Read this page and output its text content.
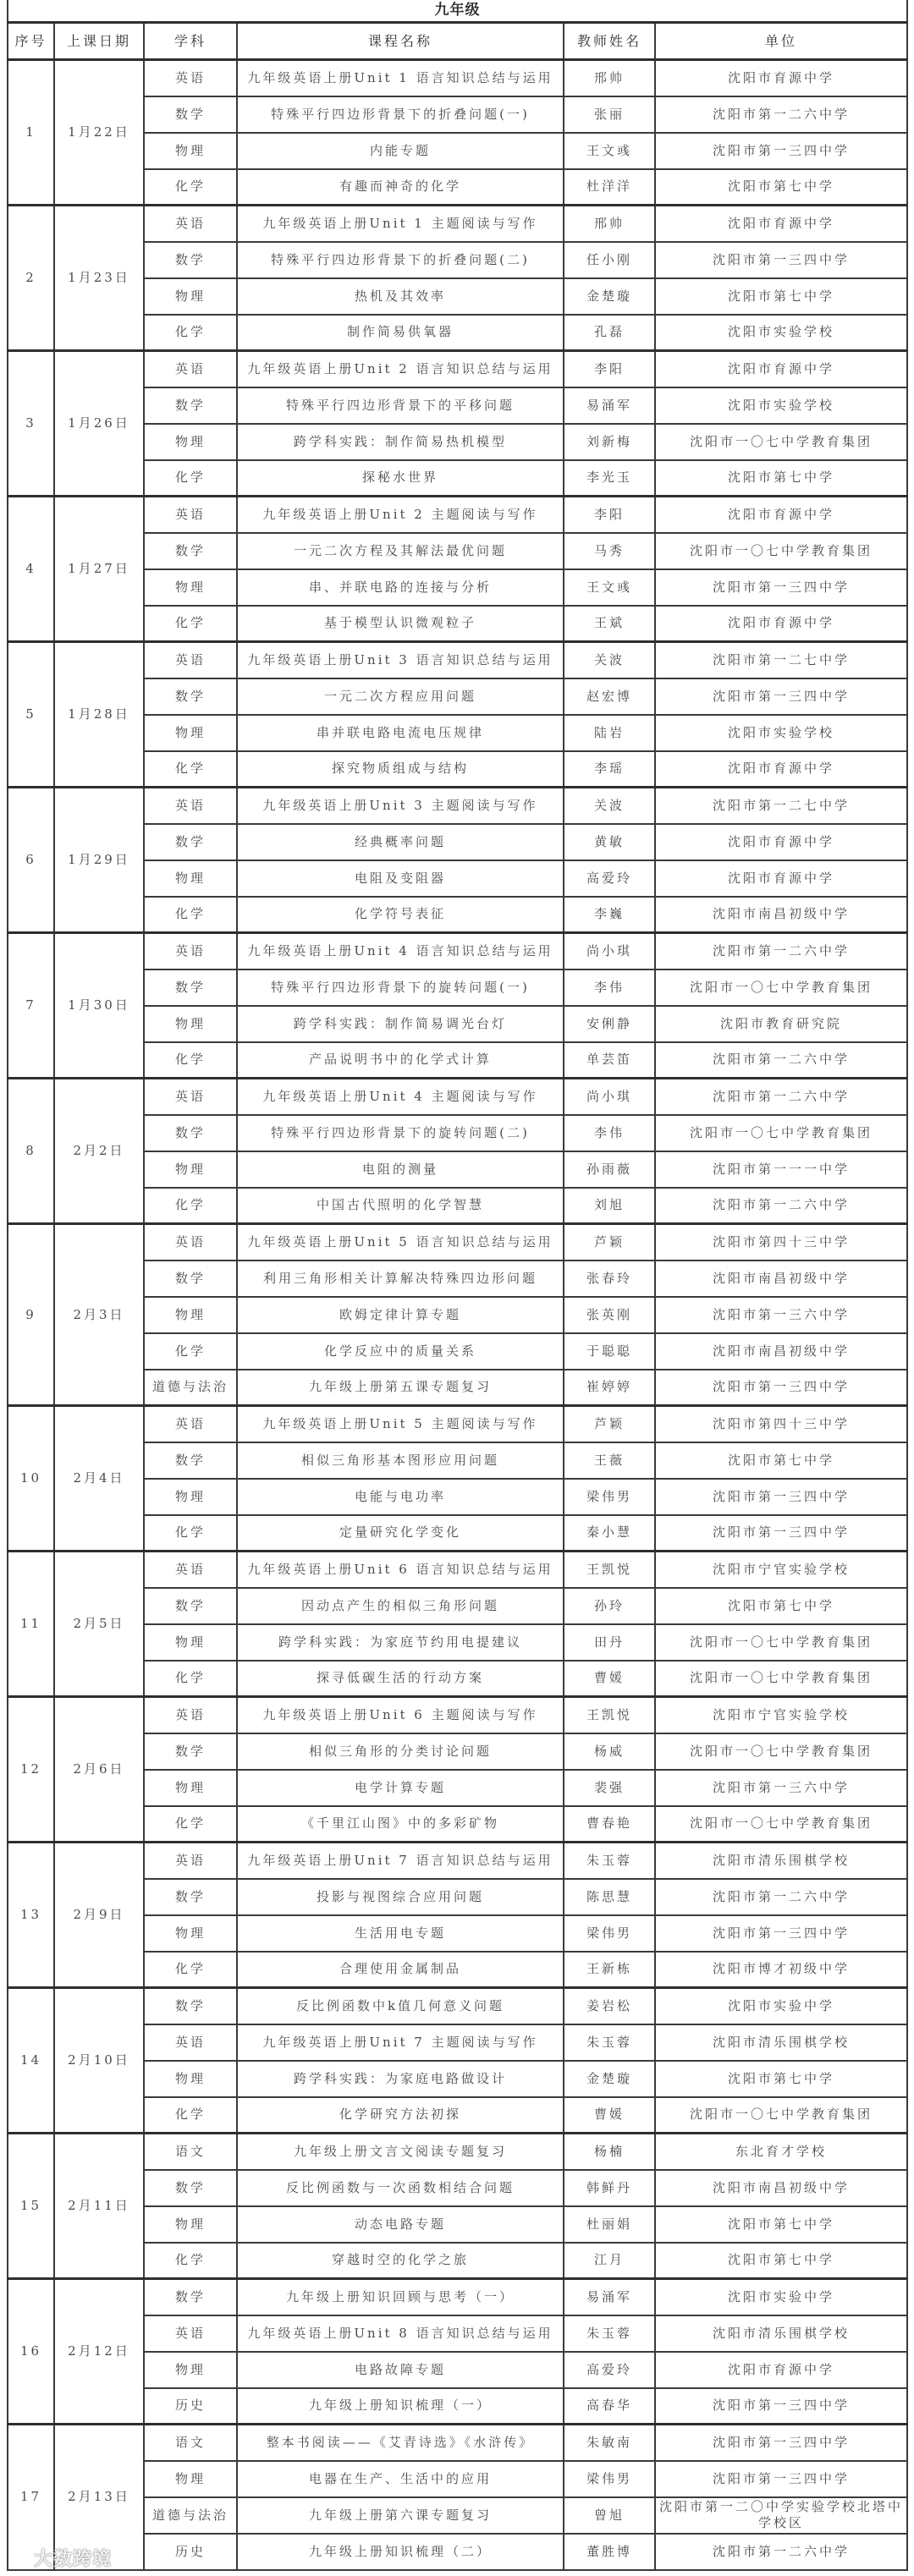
九年级					
序号	上课日期	学科	课程名称	教师姓名	单位
1	1月22日	英语	九年级英语上册Unit 1 语言知识总结与运用	邢帅	沈阳市育源中学
		数学	特殊平行四边形背景下的折叠问题(一)	张丽	沈阳市第一二六中学
		物理	内能专题	王文彧	沈阳市第一三四中学
		化学	有趣而神奇的化学	杜洋洋	沈阳市第七中学
2	1月23日	英语	九年级英语上册Unit 1 主题阅读与写作	邢帅	沈阳市育源中学
		数学	特殊平行四边形背景下的折叠问题(二)	任小刚	沈阳市第一三四中学
		物理	热机及其效率	金楚璇	沈阳市第七中学
		化学	制作简易供氧器	孔磊	沈阳市实验学校
3	1月26日	英语	九年级英语上册Unit 2 语言知识总结与运用	李阳	沈阳市育源中学
		数学	特殊平行四边形背景下的平移问题	易涌军	沈阳市实验学校
		物理	跨学科实践：制作简易热机模型	刘新梅	沈阳市一〇七中学教育集团
		化学	探秘水世界	李光玉	沈阳市第七中学
4	1月27日	英语	九年级英语上册Unit 2 主题阅读与写作	李阳	沈阳市育源中学
		数学	一元二次方程及其解法最优问题	马秀	沈阳市一〇七中学教育集团
		物理	串、并联电路的连接与分析	王文彧	沈阳市第一三四中学
		化学	基于模型认识微观粒子	王斌	沈阳市育源中学
5	1月28日	英语	九年级英语上册Unit 3 语言知识总结与运用	关波	沈阳市第一二七中学
		数学	一元二次方程应用问题	赵宏博	沈阳市第一三四中学
		物理	串并联电路电流电压规律	陆岩	沈阳市实验学校
		化学	探究物质组成与结构	李瑶	沈阳市育源中学
6	1月29日	英语	九年级英语上册Unit 3 主题阅读与写作	关波	沈阳市第一二七中学
		数学	经典概率问题	黄敏	沈阳市育源中学
		物理	电阻及变阻器	高爱玲	沈阳市育源中学
		化学	化学符号表征	李巍	沈阳市南昌初级中学
7	1月30日	英语	九年级英语上册Unit 4 语言知识总结与运用	尚小琪	沈阳市第一二六中学
		数学	特殊平行四边形背景下的旋转问题(一)	李伟	沈阳市一〇七中学教育集团
		物理	跨学科实践：制作简易调光台灯	安俐静	沈阳市教育研究院
		化学	产品说明书中的化学式计算	单芸笛	沈阳市第一二六中学
8	2月2日	英语	九年级英语上册Unit 4 主题阅读与写作	尚小琪	沈阳市第一二六中学
		数学	特殊平行四边形背景下的旋转问题(二)	李伟	沈阳市一〇七中学教育集团
		物理	电阻的测量	孙雨薇	沈阳市第一一一中学
		化学	中国古代照明的化学智慧	刘旭	沈阳市第一二六中学
9	2月3日	英语	九年级英语上册Unit 5 语言知识总结与运用	芦颖	沈阳市第四十三中学
		数学	利用三角形相关计算解决特殊四边形问题	张春玲	沈阳市南昌初级中学
		物理	欧姆定律计算专题	张英刚	沈阳市第一三六中学
		化学	化学反应中的质量关系	于聪聪	沈阳市南昌初级中学
		道德与法治	九年级上册第五课专题复习	崔婷婷	沈阳市第一三四中学
10	2月4日	英语	九年级英语上册Unit 5 主题阅读与写作	芦颖	沈阳市第四十三中学
		数学	相似三角形基本图形应用问题	王薇	沈阳市第七中学
		物理	电能与电功率	梁伟男	沈阳市第一三四中学
		化学	定量研究化学变化	秦小慧	沈阳市第一三四中学
11	2月5日	英语	九年级英语上册Unit 6 语言知识总结与运用	王凯悦	沈阳市宁官实验学校
		数学	因动点产生的相似三角形问题	孙玲	沈阳市第七中学
		物理	跨学科实践：为家庭节约用电提建议	田丹	沈阳市一〇七中学教育集团
		化学	探寻低碳生活的行动方案	曹媛	沈阳市一〇七中学教育集团
12	2月6日	英语	九年级英语上册Unit 6 主题阅读与写作	王凯悦	沈阳市宁官实验学校
		数学	相似三角形的分类讨论问题	杨威	沈阳市一〇七中学教育集团
		物理	电学计算专题	裴强	沈阳市第一三六中学
		化学	《千里江山图》中的多彩矿物	曹春艳	沈阳市一〇七中学教育集团
13	2月9日	英语	九年级英语上册Unit 7 语言知识总结与运用	朱玉蓉	沈阳市清乐围棋学校
		数学	投影与视图综合应用问题	陈思慧	沈阳市第一二六中学
		物理	生活用电专题	梁伟男	沈阳市第一三四中学
		化学	合理使用金属制品	王新栋	沈阳市博才初级中学
14	2月10日	数学	反比例函数中k值几何意义问题	姜岩松	沈阳市实验中学
		英语	九年级英语上册Unit 7 主题阅读与写作	朱玉蓉	沈阳市清乐围棋学校
		物理	跨学科实践：为家庭电路做设计	金楚璇	沈阳市第七中学
		化学	化学研究方法初探	曹媛	沈阳市一〇七中学教育集团
15	2月11日	语文	九年级上册文言文阅读专题复习	杨楠	东北育才学校
		数学	反比例函数与一次函数相结合问题	韩鲜丹	沈阳市南昌初级中学
		物理	动态电路专题	杜丽娟	沈阳市第七中学
		化学	穿越时空的化学之旅	江月	沈阳市第七中学
16	2月12日	数学	九年级上册知识回顾与思考（一）	易涌军	沈阳市实验中学
		英语	九年级英语上册Unit 8 语言知识总结与运用	朱玉蓉	沈阳市清乐围棋学校
		物理	电路故障专题	高爱玲	沈阳市育源中学
		历史	九年级上册知识梳理（一）	高春华	沈阳市第一三四中学
17	2月13日	语文	整本书阅读——《艾青诗选》《水浒传》	朱敏南	沈阳市第一三四中学
		物理	电器在生产、生活中的应用	梁伟男	沈阳市第一三四中学
		道德与法治	九年级上册第六课专题复习	曾旭	沈阳市第一二〇中学实验学校北塔中学校区
		历史	九年级上册知识梳理（二）	董胜博	沈阳市第一二六中学
大数跨境
